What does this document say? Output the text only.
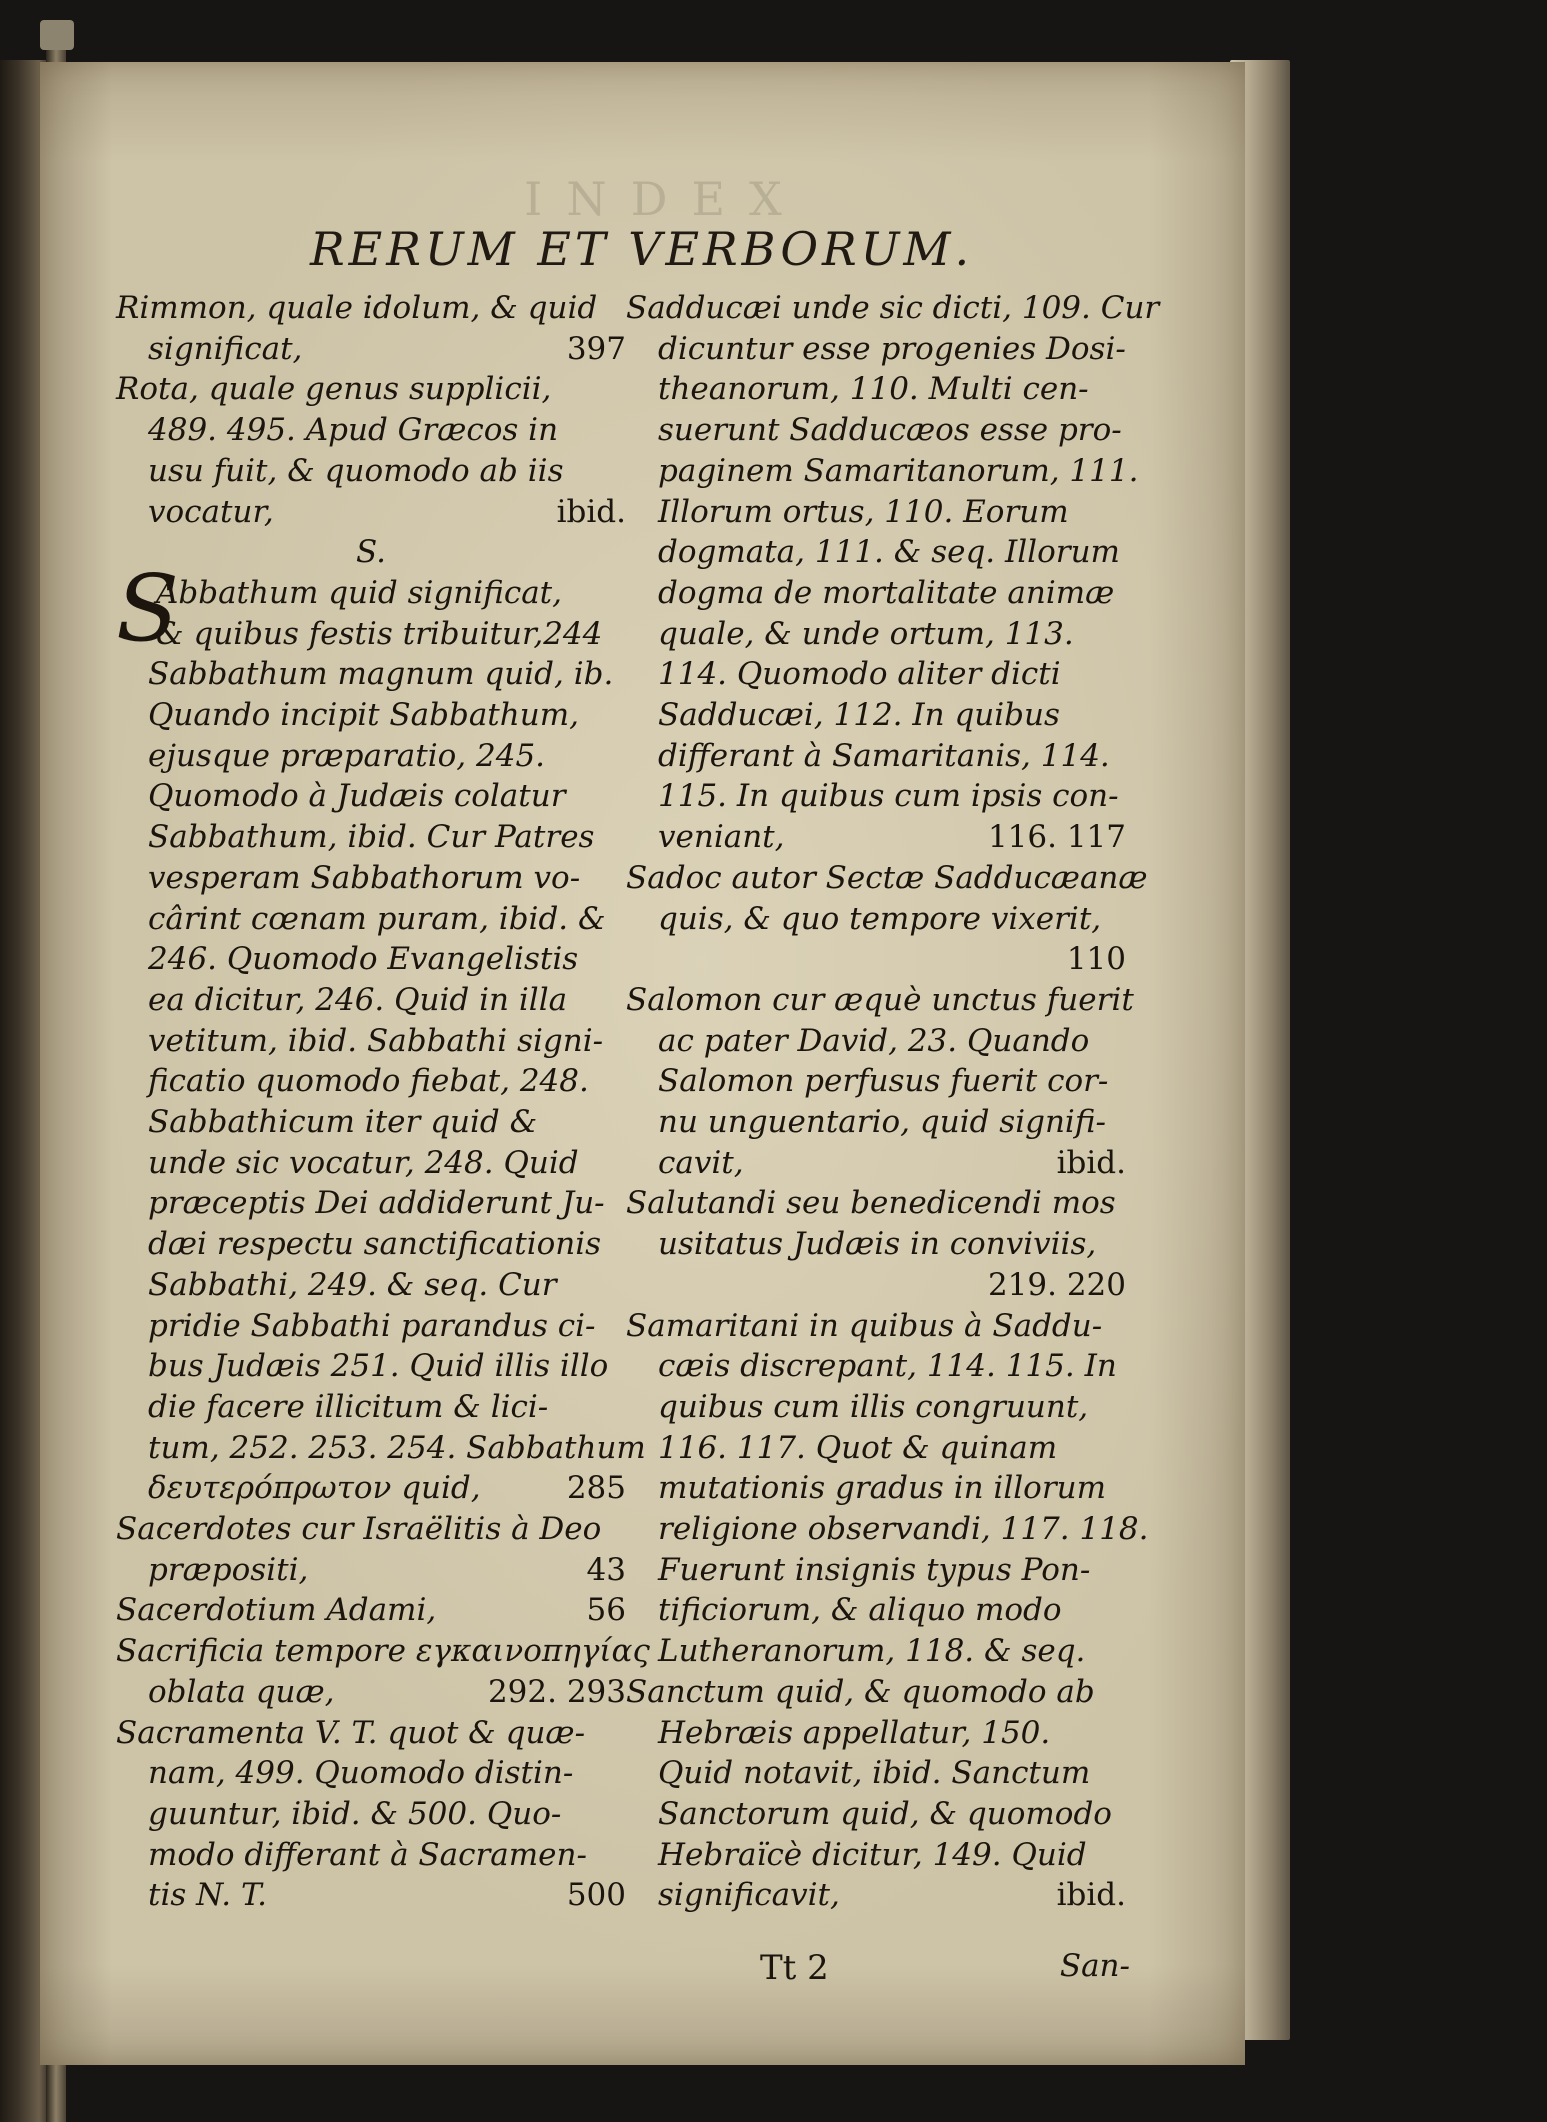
INDEX
RERUM ET VERBORUM.
Rimmon, quale idolum, & quid
significat,	397
Rota, quale genus supplicii,
489. 495. Apud Græcos in
usu fuit, & quomodo ab iis
vocatur,	ibid.
S.
Abbathum quid significat,
& quibus festis tribuitur,244
Sabbathum magnum quid, ib.
Quando incipit Sabbathum,
ejusque præparatio, 245.
Quomodo à Judæis colatur
Sabbathum, ibid. Cur Patres
vesperam Sabbathorum vo-
cârint cœnam puram, ibid. &
246. Quomodo Evangelistis
ea dicitur, 246. Quid in illa
vetitum, ibid. Sabbathi signi-
ficatio quomodo fiebat, 248.
Sabbathicum iter quid &
unde sic vocatur, 248. Quid
præceptis Dei addiderunt Ju-
dæi respectu sanctificationis
Sabbathi, 249. & seq. Cur
pridie Sabbathi parandus ci-
bus Judæis 251. Quid illis illo
die facere illicitum & lici-
tum, 252. 253. 254. Sabbathum
δευτερόπρωτον quid,	285
Sacerdotes cur Israëlitis à Deo
præpositi,	43
Sacerdotium Adami,	56
Sacrificia tempore εγκαινοπηγίας
oblata quæ,	292. 293
Sacramenta V. T. quot & quæ-
nam, 499. Quomodo distin-
guuntur, ibid. & 500. Quo-
modo differant à Sacramen-
tis N. T.	500
S
Sadducæi unde sic dicti, 109. Cur
dicuntur esse progenies Dosi-
theanorum, 110. Multi cen-
suerunt Sadducæos esse pro-
paginem Samaritanorum, 111.
Illorum ortus, 110. Eorum
dogmata, 111. & seq. Illorum
dogma de mortalitate animæ
quale, & unde ortum, 113.
114. Quomodo aliter dicti
Sadducæi, 112. In quibus
differant à Samaritanis, 114.
115. In quibus cum ipsis con-
veniant,	116. 117
Sadoc autor Sectæ Sadducæanæ
quis, & quo tempore vixerit,
110
Salomon cur æquè unctus fuerit
ac pater David, 23. Quando
Salomon perfusus fuerit cor-
nu unguentario, quid signifi-
cavit,	ibid.
Salutandi seu benedicendi mos
usitatus Judæis in conviviis,
219. 220
Samaritani in quibus à Saddu-
cæis discrepant, 114. 115. In
quibus cum illis congruunt,
116. 117. Quot & quinam
mutationis gradus in illorum
religione observandi, 117. 118.
Fuerunt insignis typus Pon-
tificiorum, & aliquo modo
Lutheranorum, 118. & seq.
Sanctum quid, & quomodo ab
Hebræis appellatur, 150.
Quid notavit, ibid. Sanctum
Sanctorum quid, & quomodo
Hebraïcè dicitur, 149. Quid
significavit,	ibid.
Tt 2	San-
